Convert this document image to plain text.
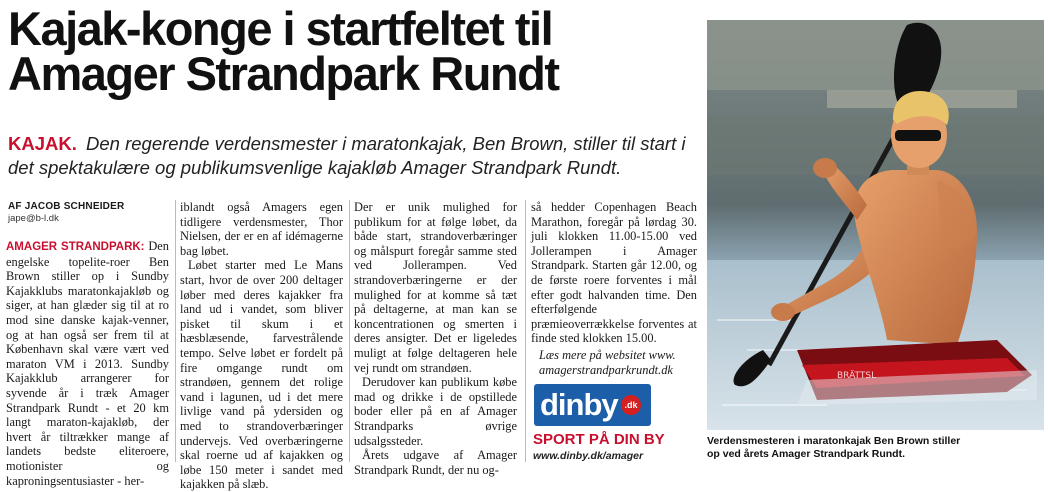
Kajak-konge i startfeltet til
Amager Strandpark Rundt
KAJAK. Den regerende verdensmester i maratonkajak, Ben Brown, stiller til start i det spektakulære og publikumsvenlige kajakløb Amager Strandpark Rundt.
AF JACOB SCHNEIDER
jape@b-l.dk

AMAGER STRANDPARK: Den engelske topelite-roer Ben Brown stiller op i Sundby Kajakklubs maratonkajakløb og siger, at han glæder sig til at ro mod sine danske kajak-venner, og at han også ser frem til at København skal være vært ved maraton VM i 2013. Sundby Kajakklub arrangerer for syvende år i træk Amager Strandpark Rundt - et 20 km langt maraton-kajakløb, der hvert år tiltrækker mange af landets bedste eliteroere, motionister og kaproningsentusiaster - her-

iblandt også Amagers egen tidligere verdensmester, Thor Nielsen, der er en af idémagerne bag løbet.

Løbet starter med Le Mans start, hvor de over 200 deltager løber med deres kajakker fra land ud i vandet, som bliver pisket til skum i et hæsblæsende, farvestrålende tempo. Selve løbet er fordelt på fire omgange rundt om strandøen, gennem det rolige vand i lagunen, ud i det mere livlige vand på ydersiden og med to strandoverbæringer undervejs. Ved overbæringerne skal roerne ud af kajakken og løbe 150 meter i sandet med kajakken på slæb.

Der er unik mulighed for publikum for at følge løbet, da både start, strandoverbæringer og målspurt foregår samme sted ved Jollerampen. Ved strandoverbæringerne er der mulighed for at komme så tæt på deltagerne, at man kan se koncentrationen og smerten i deres ansigter. Det er ligeledes muligt at følge deltageren hele vej rundt om strandøen.

Derudover kan publikum købe mad og drikke i de opstillede boder eller på en af Amager Strandparks øvrige udsalgssteder.

Årets udgave af Amager Strandpark Rundt, der nu og-

så hedder Copenhagen Beach Marathon, foregår på lørdag 30. juli klokken 11.00-15.00 ved Jollerampen i Amager Strandpark. Starten går 12.00, og de første roere forventes i mål efter godt halvanden time. Den efterfølgende præmieoverrækkelse forventes at finde sted klokken 15.00.

Læs mere på websitet www.
amagerstrandparkrundt.dk

dinby .dk
SPORT PÅ DIN BY
www.dinby.dk/amager
BRÄTTSL
Verdensmesteren i maratonkajak Ben Brown stiller
op ved årets Amager Strandpark Rundt.
